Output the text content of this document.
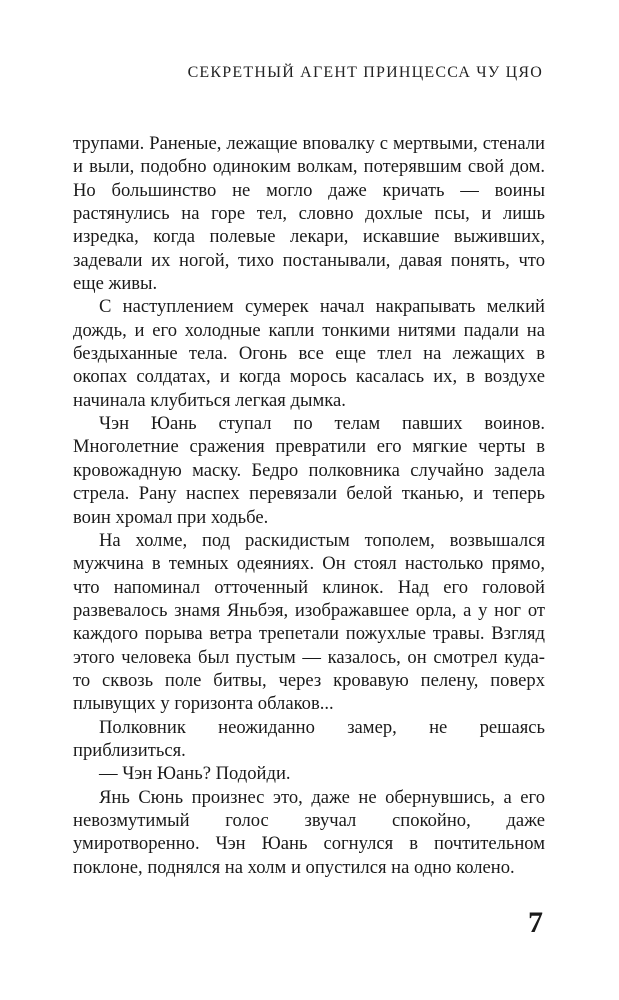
СЕКРЕТНЫЙ АГЕНТ ПРИНЦЕССА ЧУ ЦЯО

трупами. Раненые, лежащие вповалку с мертвыми, стенали и выли, подобно одиноким волкам, потерявшим свой дом. Но большинство не могло даже кричать — воины растянулись на горе тел, словно дохлые псы, и лишь изредка, когда полевые лекари, искавшие выживших, задевали их ногой, тихо постанывали, давая понять, что еще живы.

С наступлением сумерек начал накрапывать мелкий дождь, и его холодные капли тонкими нитями падали на бездыханные тела. Огонь все еще тлел на лежащих в окопах солдатах, и когда морось касалась их, в воздухе начинала клубиться легкая дымка.

Чэн Юань ступал по телам павших воинов. Многолетние сражения превратили его мягкие черты в кровожадную маску. Бедро полковника случайно задела стрела. Рану наспех перевязали белой тканью, и теперь воин хромал при ходьбе.

На холме, под раскидистым тополем, возвышался мужчина в темных одеяниях. Он стоял настолько прямо, что напоминал отточенный клинок. Над его головой развевалось знамя Яньбэя, изображавшее орла, а у ног от каждого порыва ветра трепетали пожухлые травы. Взгляд этого человека был пустым — казалось, он смотрел куда-то сквозь поле битвы, через кровавую пелену, поверх плывущих у горизонта облаков...

Полковник неожиданно замер, не решаясь приблизиться.

— Чэн Юань? Подойди.

Янь Сюнь произнес это, даже не обернувшись, а его невозмутимый голос звучал спокойно, даже умиротворенно. Чэн Юань согнулся в почтительном поклоне, поднялся на холм и опустился на одно колено.

7
